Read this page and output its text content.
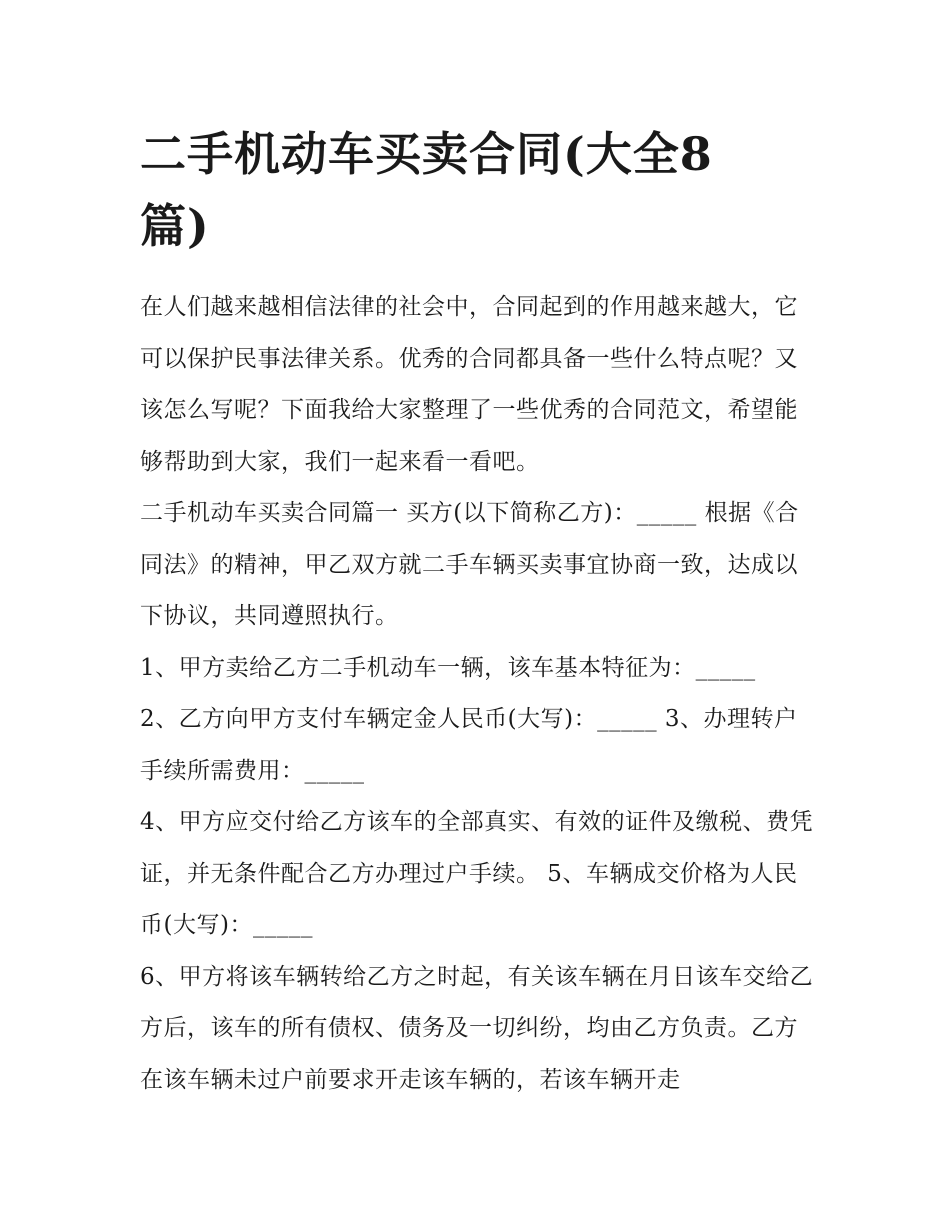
二手机动车买卖合同(大全8篇)

在人们越来越相信法律的社会中，合同起到的作用越来越大，它可以保护民事法律关系。优秀的合同都具备一些什么特点呢？又该怎么写呢？下面我给大家整理了一些优秀的合同范文，希望能够帮助到大家，我们一起来看一看吧。

二手机动车买卖合同篇一 买方(以下简称乙方)：_____ 根据《合同法》的精神，甲乙双方就二手车辆买卖事宜协商一致，达成以下协议，共同遵照执行。

1、甲方卖给乙方二手机动车一辆，该车基本特征为：_____

2、乙方向甲方支付车辆定金人民币(大写)：_____ 3、办理转户手续所需费用：_____

4、甲方应交付给乙方该车的全部真实、有效的证件及缴税、费凭证，并无条件配合乙方办理过户手续。 5、车辆成交价格为人民币(大写)：_____

6、甲方将该车辆转给乙方之时起，有关该车辆在月日该车交给乙方后，该车的所有债权、债务及一切纠纷，均由乙方负责。乙方在该车辆未过户前要求开走该车辆的，若该车辆开走
